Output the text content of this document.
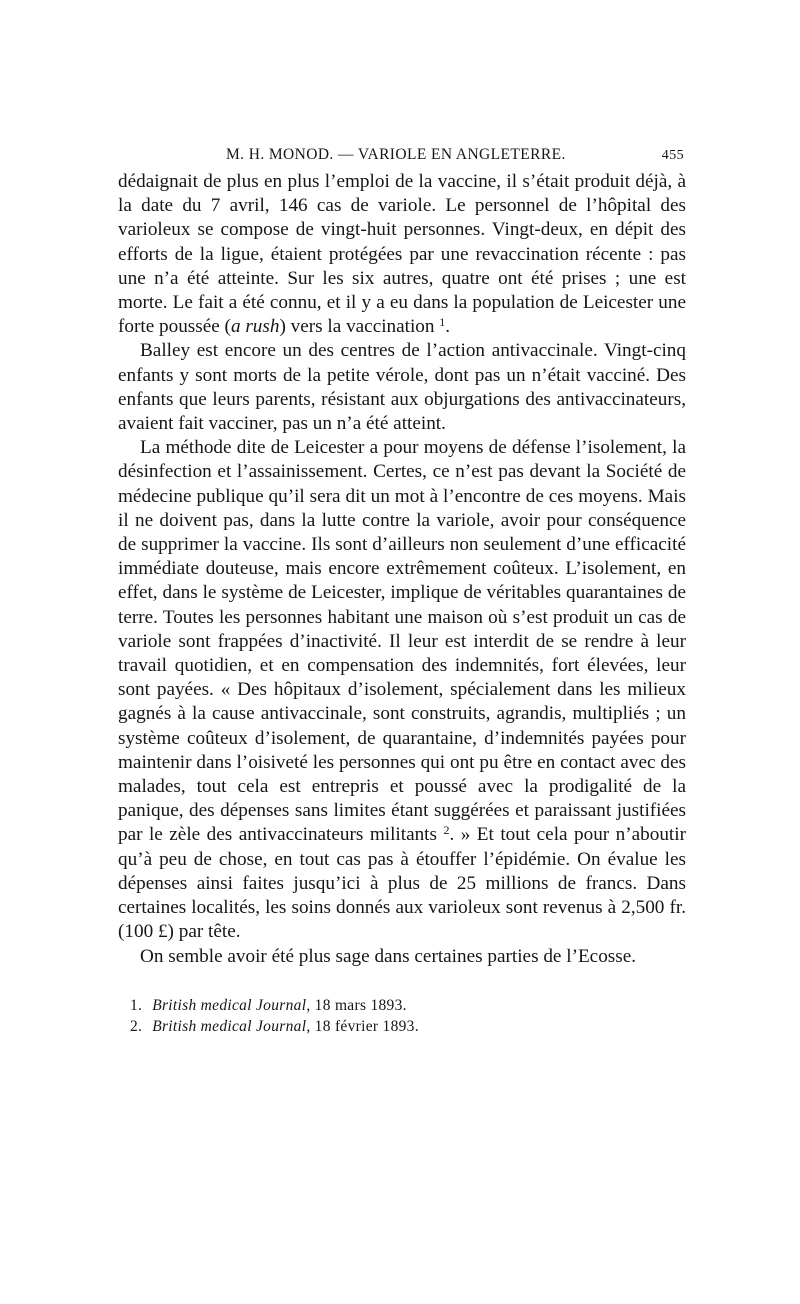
M. H. MONOD. — VARIOLE EN ANGLETERRE.	455

dédaignait de plus en plus l’emploi de la vaccine, il s’était produit déjà, à la date du 7 avril, 146 cas de variole. Le personnel de l’hôpital des varioleux se compose de vingt-huit personnes. Vingt-deux, en dépit des efforts de la ligue, étaient protégées par une revaccination récente : pas une n’a été atteinte. Sur les six autres, quatre ont été prises ; une est morte. Le fait a été connu, et il y a eu dans la population de Leicester une forte poussée (a rush) vers la vaccination $^1$.

Balley est encore un des centres de l’action antivaccinale. Vingt-cinq enfants y sont morts de la petite vérole, dont pas un n’était vacciné. Des enfants que leurs parents, résistant aux objurgations des antivaccinateurs, avaient fait vacciner, pas un n’a été atteint.

La méthode dite de Leicester a pour moyens de défense l’isolement, la désinfection et l’assainissement. Certes, ce n’est pas devant la Société de médecine publique qu’il sera dit un mot à l’encontre de ces moyens. Mais il ne doivent pas, dans la lutte contre la variole, avoir pour conséquence de supprimer la vaccine. Ils sont d’ailleurs non seulement d’une efficacité immédiate douteuse, mais encore extrêmement coûteux. L’isolement, en effet, dans le système de Leicester, implique de véritables quarantaines de terre. Toutes les personnes habitant une maison où s’est produit un cas de variole sont frappées d’inactivité. Il leur est interdit de se rendre à leur travail quotidien, et en compensation des indemnités, fort élevées, leur sont payées. « Des hôpitaux d’isolement, spécialement dans les milieux gagnés à la cause antivaccinale, sont construits, agrandis, multipliés ; un système coûteux d’isolement, de quarantaine, d’indemnités payées pour maintenir dans l’oisiveté les personnes qui ont pu être en contact avec des malades, tout cela est entrepris et poussé avec la prodigalité de la panique, des dépenses sans limites étant suggérées et paraissant justifiées par le zèle des antivaccinateurs militants $^2$. » Et tout cela pour n’aboutir qu’à peu de chose, en tout cas pas à étouffer l’épidémie. On évalue les dépenses ainsi faites jusqu’ici à plus de 25 millions de francs. Dans certaines localités, les soins donnés aux varioleux sont revenus à 2,500 fr. (100 £) par tête.

On semble avoir été plus sage dans certaines parties de l’Ecosse.

1. British medical Journal, 18 mars 1893.
2. British medical Journal, 18 février 1893.
